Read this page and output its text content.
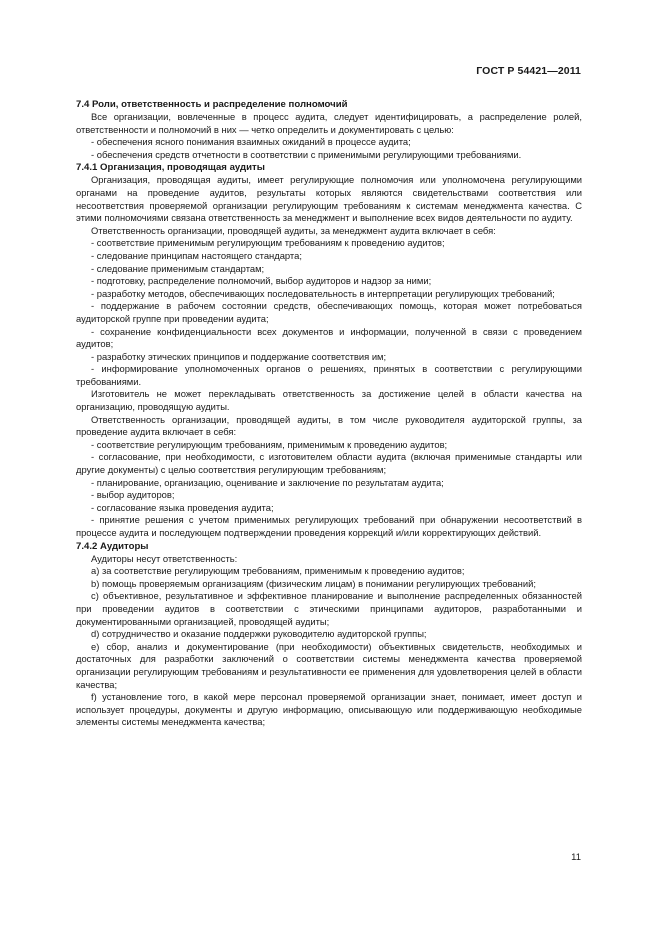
ГОСТ Р 54421—2011
7.4 Роли, ответственность и распределение полномочий

Все организации, вовлеченные в процесс аудита, следует идентифицировать, а распределение ролей, ответственности и полномочий в них — четко определить и документировать с целью:

- обеспечения ясного понимания взаимных ожиданий в процессе аудита;

- обеспечения средств отчетности в соответствии с применимыми регулирующими требованиями.

7.4.1 Организация, проводящая аудиты

Организация, проводящая аудиты, имеет регулирующие полномочия или уполномочена регулирующими органами на проведение аудитов, результаты которых являются свидетельствами соответствия или несоответствия проверяемой организации регулирующим требованиям к системам менеджмента качества. С этими полномочиями связана ответственность за менеджмент и выполнение всех видов деятельности по аудиту.

Ответственность организации, проводящей аудиты, за менеджмент аудита включает в себя:

- соответствие применимым регулирующим требованиям к проведению аудитов;

- следование принципам настоящего стандарта;

- следование применимым стандартам;

- подготовку, распределение полномочий, выбор аудиторов и надзор за ними;

- разработку методов, обеспечивающих последовательность в интерпретации регулирующих требований;

- поддержание в рабочем состоянии средств, обеспечивающих помощь, которая может потребоваться аудиторской группе при проведении аудита;

- сохранение конфиденциальности всех документов и информации, полученной в связи с проведением аудитов;

- разработку этических принципов и поддержание соответствия им;

- информирование уполномоченных органов о решениях, принятых в соответствии с регулирующими требованиями.

Изготовитель не может перекладывать ответственность за достижение целей в области качества на организацию, проводящую аудиты.

Ответственность организации, проводящей аудиты, в том числе руководителя аудиторской группы, за проведение аудита включает в себя:

- соответствие регулирующим требованиям, применимым к проведению аудитов;

- согласование, при необходимости, с изготовителем области аудита (включая применимые стандарты или другие документы) с целью соответствия регулирующим требованиям;

- планирование, организацию, оценивание и заключение по результатам аудита;

- выбор аудиторов;

- согласование языка проведения аудита;

- принятие решения с учетом применимых регулирующих требований при обнаружении несоответствий в процессе аудита и последующем подтверждении проведения коррекций и/или корректирующих действий.

7.4.2 Аудиторы

Аудиторы несут ответственность:

a) за соответствие регулирующим требованиям, применимым к проведению аудитов;

b) помощь проверяемым организациям (физическим лицам) в понимании регулирующих требований;

c) объективное, результативное и эффективное планирование и выполнение распределенных обязанностей при проведении аудитов в соответствии с этическими принципами аудиторов, разработанными и документированными организацией, проводящей аудиты;

d) сотрудничество и оказание поддержки руководителю аудиторской группы;

e) сбор, анализ и документирование (при необходимости) объективных свидетельств, необходимых и достаточных для разработки заключений о соответствии системы менеджмента качества проверяемой организации регулирующим требованиям и результативности ее применения для удовлетворения целей в области качества;

f) установление того, в какой мере персонал проверяемой организации знает, понимает, имеет доступ и использует процедуры, документы и другую информацию, описывающую или поддерживающую необходимые элементы системы менеджмента качества;

11
